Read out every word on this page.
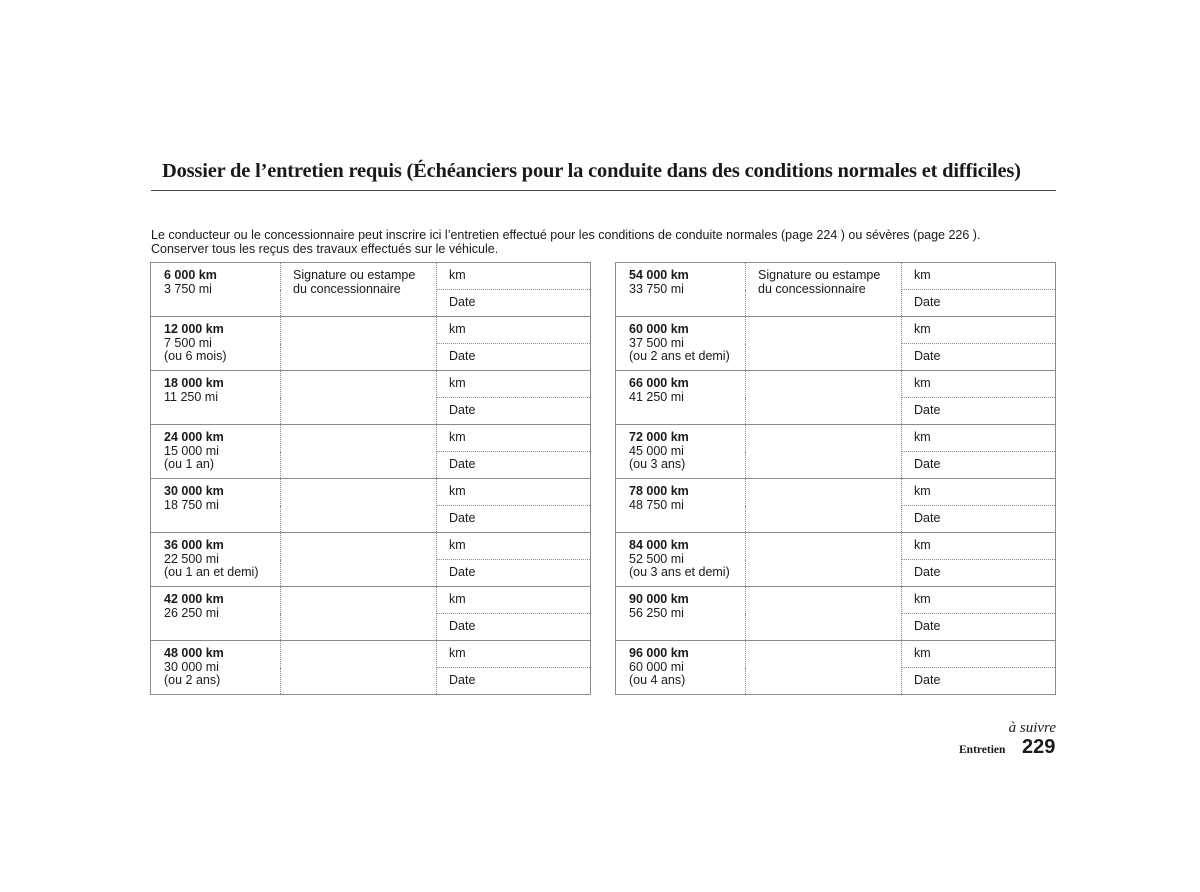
Dossier de l’entretien requis (Échéanciers pour la conduite dans des conditions normales et difficiles)

Le conducteur ou le concessionnaire peut inscrire ici l’entretien effectué pour les conditions de conduite normales (page 224 ) ou sévères (page 226 ).

Conserver tous les reçus des travaux effectués sur le véhicule.

6 000 km
3 750 mi	Signature ou estampe
du concessionnaire	km

		Date

12 000 km
7 500 mi
(ou 6 mois)		km

		Date

18 000 km
11 250 mi		km

		Date

24 000 km
15 000 mi
(ou 1 an)		km

		Date

30 000 km
18 750 mi		km

		Date

36 000 km
22 500 mi
(ou 1 an et demi)		km

		Date

42 000 km
26 250 mi		km

		Date

48 000 km
30 000 mi
(ou 2 ans)		km

		Date
54 000 km
33 750 mi	Signature ou estampe
du concessionnaire	km

		Date

60 000 km
37 500 mi
(ou 2 ans et demi)		km

		Date

66 000 km
41 250 mi		km

		Date

72 000 km
45 000 mi
(ou 3 ans)		km

		Date

78 000 km
48 750 mi		km

		Date

84 000 km
52 500 mi
(ou 3 ans et demi)		km

		Date

90 000 km
56 250 mi		km

		Date

96 000 km
60 000 mi
(ou 4 ans)		km

		Date
à suivre
Entretien 229
